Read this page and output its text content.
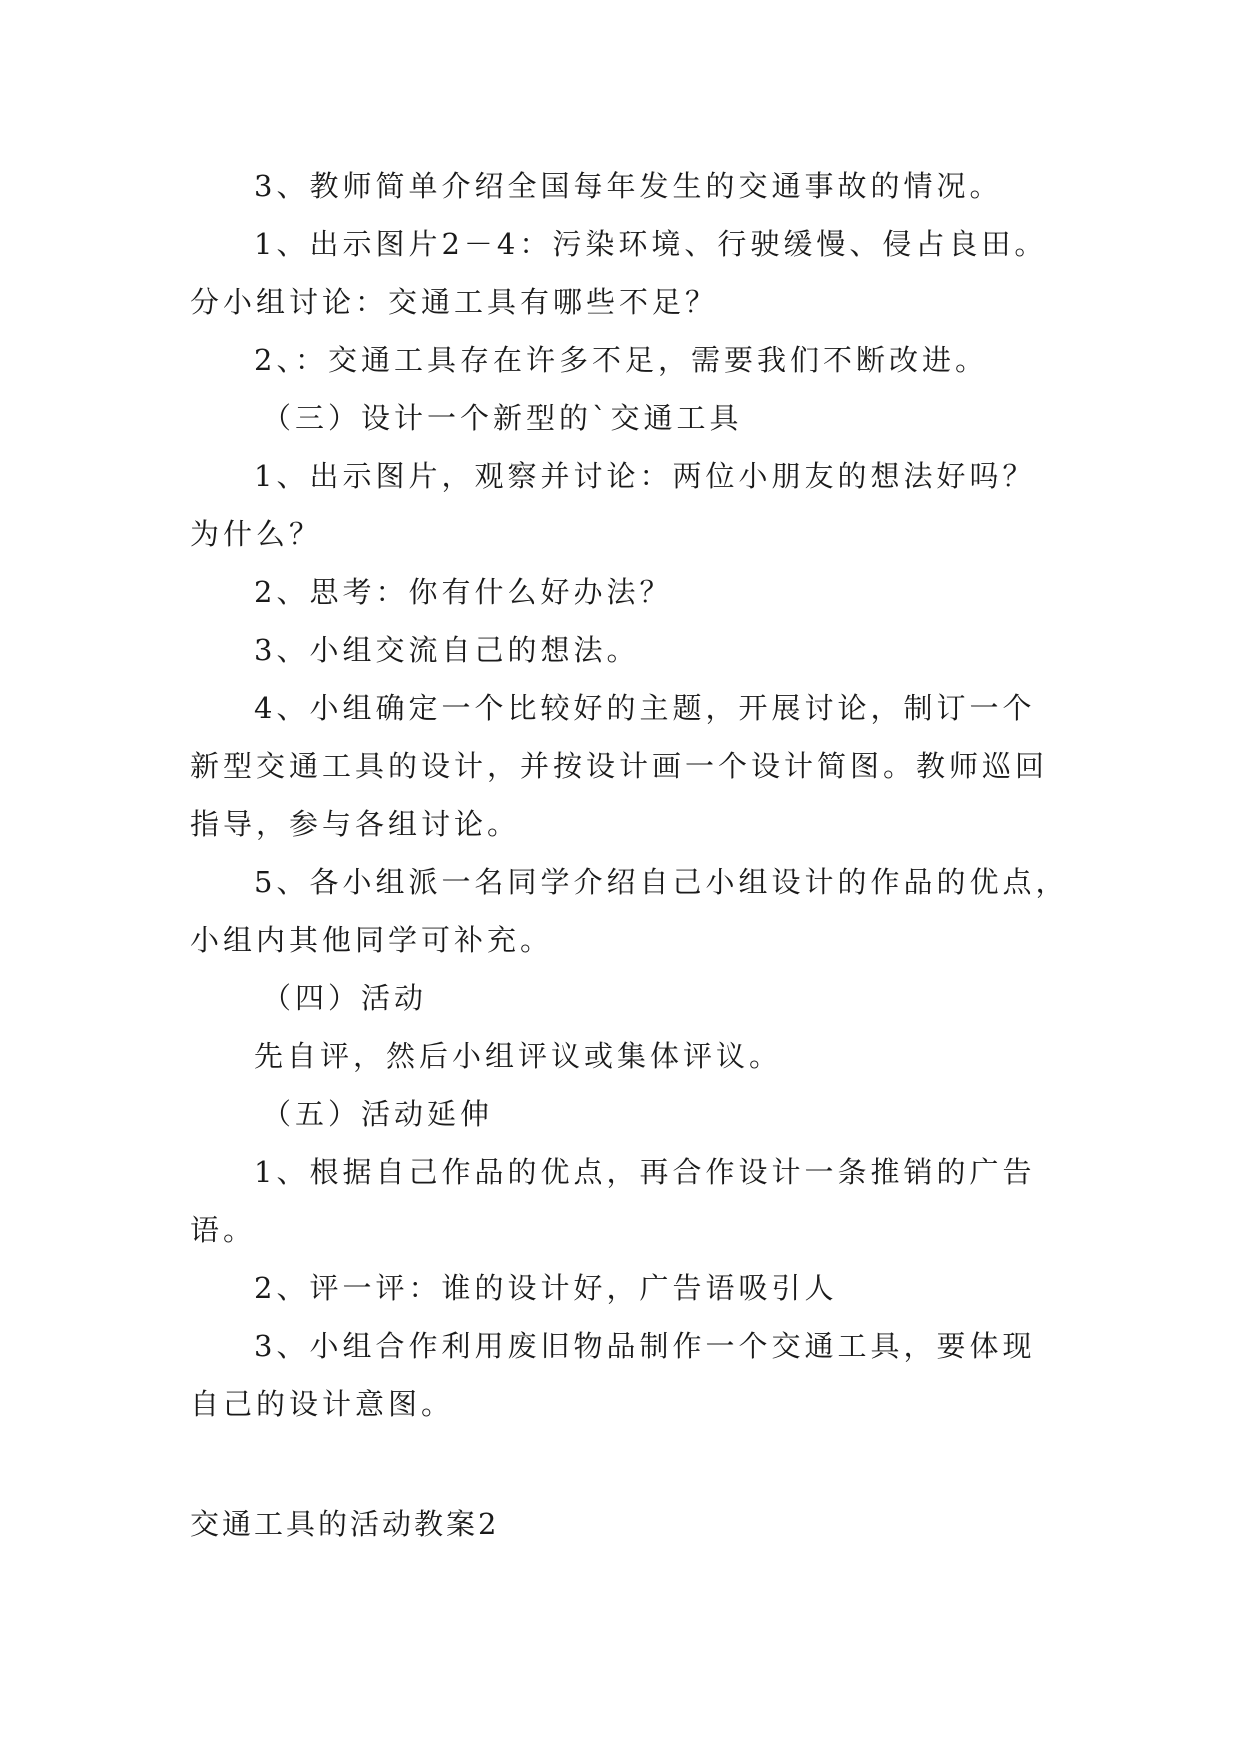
3、教师简单介绍全国每年发生的交通事故的情况。
1、出示图片2－4：污染环境、行驶缓慢、侵占良田。
分小组讨论：交通工具有哪些不足？
2、：交通工具存在许多不足，需要我们不断改进。
（三）设计一个新型的`交通工具
1、出示图片，观察并讨论：两位小朋友的想法好吗？
为什么？
2、思考：你有什么好办法？
3、小组交流自己的想法。
4、小组确定一个比较好的主题，开展讨论，制订一个
新型交通工具的设计，并按设计画一个设计简图。教师巡回
指导，参与各组讨论。
5、各小组派一名同学介绍自己小组设计的作品的优点，
小组内其他同学可补充。
（四）活动
先自评，然后小组评议或集体评议。
（五）活动延伸
1、根据自己作品的优点，再合作设计一条推销的广告
语。
2、评一评：谁的设计好，广告语吸引人
3、小组合作利用废旧物品制作一个交通工具，要体现
自己的设计意图。
交通工具的活动教案2
